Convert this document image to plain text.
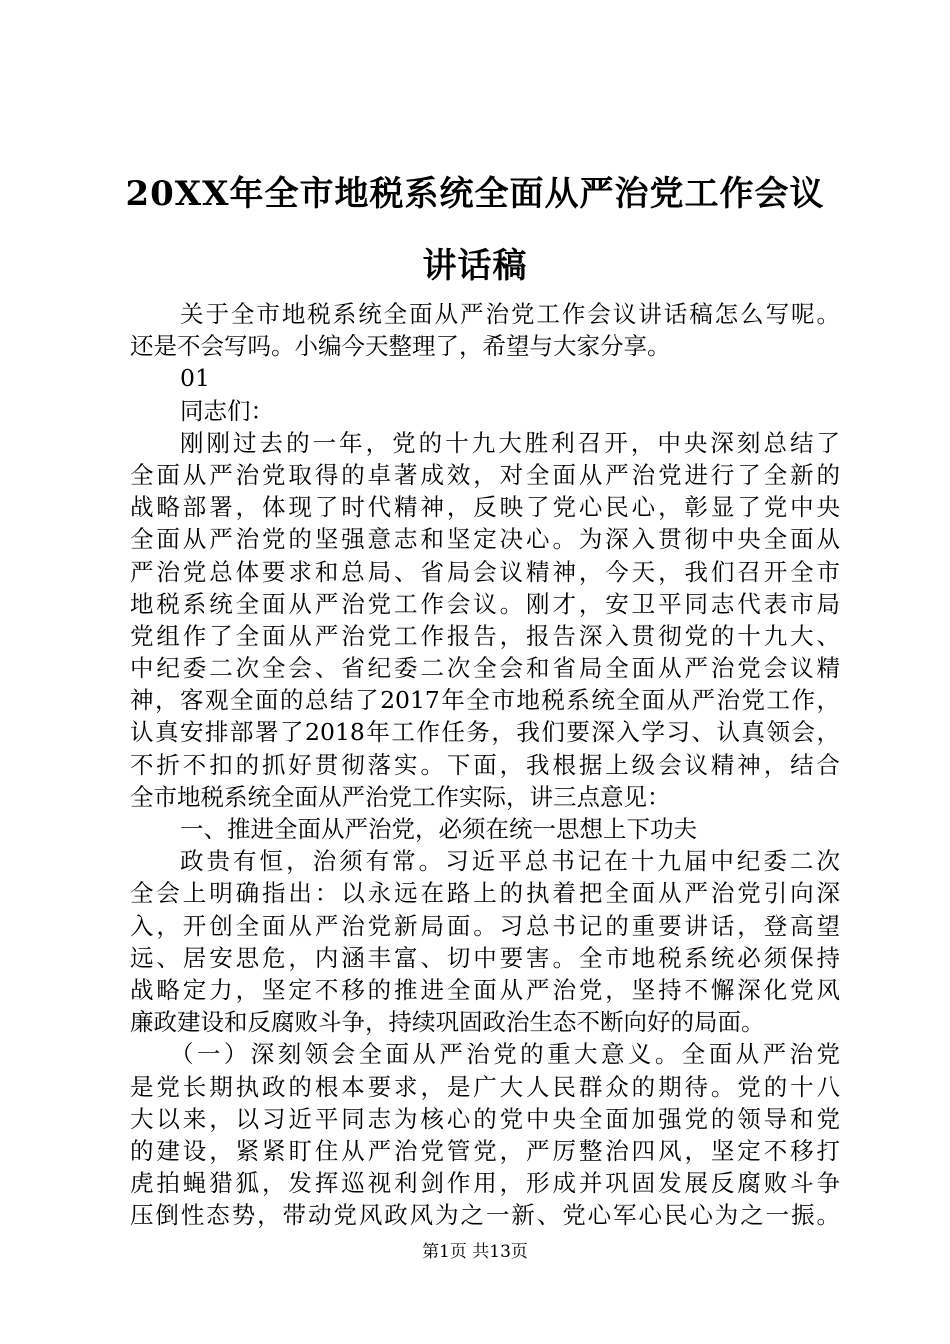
20XX年全市地税系统全面从严治党工作会议
讲话稿
关于全市地税系统全面从严治党工作会议讲话稿怎么写呢。
还是不会写吗。小编今天整理了，希望与大家分享。
01
同志们：
刚刚过去的一年，党的十九大胜利召开，中央深刻总结了
全面从严治党取得的卓著成效，对全面从严治党进行了全新的
战略部署，体现了时代精神，反映了党心民心，彰显了党中央
全面从严治党的坚强意志和坚定决心。为深入贯彻中央全面从
严治党总体要求和总局、省局会议精神，今天，我们召开全市
地税系统全面从严治党工作会议。刚才，安卫平同志代表市局
党组作了全面从严治党工作报告，报告深入贯彻党的十九大、
中纪委二次全会、省纪委二次全会和省局全面从严治党会议精
神，客观全面的总结了2017年全市地税系统全面从严治党工作，
认真安排部署了2018年工作任务，我们要深入学习、认真领会，
不折不扣的抓好贯彻落实。下面，我根据上级会议精神，结合
全市地税系统全面从严治党工作实际，讲三点意见：
一、推进全面从严治党，必须在统一思想上下功夫
政贵有恒，治须有常。习近平总书记在十九届中纪委二次
全会上明确指出：以永远在路上的执着把全面从严治党引向深
入，开创全面从严治党新局面。习总书记的重要讲话，登高望
远、居安思危，内涵丰富、切中要害。全市地税系统必须保持
战略定力，坚定不移的推进全面从严治党，坚持不懈深化党风
廉政建设和反腐败斗争，持续巩固政治生态不断向好的局面。
（一）深刻领会全面从严治党的重大意义。全面从严治党
是党长期执政的根本要求，是广大人民群众的期待。党的十八
大以来，以习近平同志为核心的党中央全面加强党的领导和党
的建设，紧紧盯住从严治党管党，严厉整治四风，坚定不移打
虎拍蝇猎狐，发挥巡视利剑作用，形成并巩固发展反腐败斗争
压倒性态势，带动党风政风为之一新、党心军心民心为之一振。
第1页 共13页
